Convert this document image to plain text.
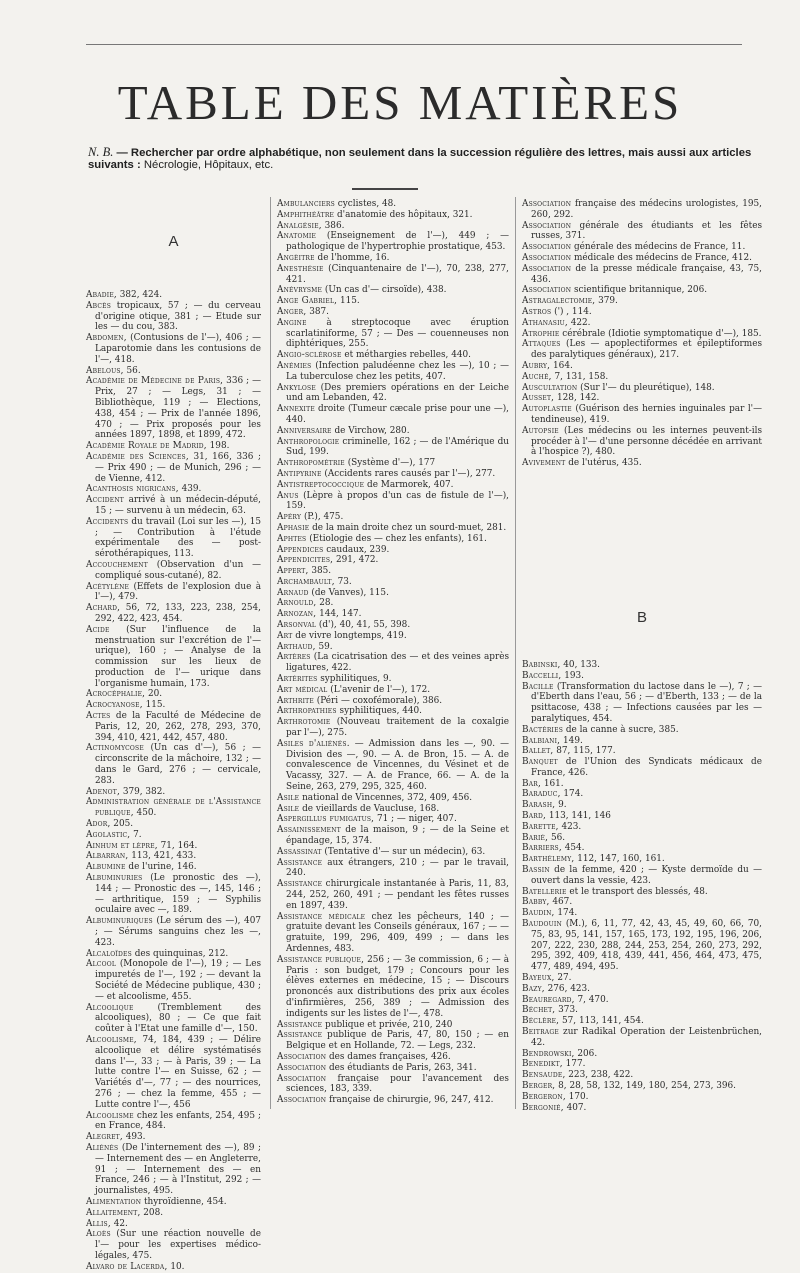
TABLE DES MATIÈRES
N. B. — Rechercher par ordre alphabétique, non seulement dans la succession régulière des lettres, mais aussi aux articles suivants : Nécrologie, Hôpitaux, etc.

A

Abadie, 382, 424.

Abcès tropicaux, 57 ; — du cerveau d'origine otique, 381 ; — Etude sur les — du cou, 383.

Abdomen, (Contusions de l'—), 406 ; — Laparotomie dans les contusions de l'—, 418.

Abelous, 56.

Académie de Médecine de Paris, 336 ; — Prix, 27 ; — Legs, 31 ; — Bibliothèque, 119 ; — Elections, 438, 454 ; — Prix de l'année 1896, 470 ; — Prix proposés pour les années 1897, 1898, et 1899, 472.

Académie Royale de Madrid, 198.

Académie des Sciences, 31, 166, 336 ; — Prix 490 ; — de Munich, 296 ; — de Vienne, 412.

Acanthosis nigricans, 439.

Accident arrivé à un médecin-député, 15 ; — survenu à un médecin, 63.

Accidents du travail (Loi sur les —), 15 ; — Contribution à l'étude expérimentale des — post-sérothérapiques, 113.

Accouchement (Observation d'un — compliqué sous-cutané), 82.

Acétylène (Effets de l'explosion due à l'—), 479.

Achard, 56, 72, 133, 223, 238, 254, 292, 422, 423, 454.

Acide (Sur l'influence de la menstruation sur l'excrétion de l'— urique), 160 ; — Analyse de la commission sur les lieux de production de l'— urique dans l'organisme humain, 173.

Acrocéphalie, 20.

Acrocyanose, 115.

Actes de la Faculté de Médecine de Paris, 12, 20, 262, 278, 293, 370, 394, 410, 421, 442, 457, 480.

Actinomycose (Un cas d'—), 56 ; — circonscrite de la mâchoire, 132 ; — dans le Gard, 276 ; — cervicale, 283.

Adenot, 379, 382.

Administration générale de l'Assistance publique, 450.

Ador, 205.

Agolastic, 7.

Ainhum et lèpre, 71, 164.

Albarran, 113, 421, 433.

Albumine de l'urine, 146.

Albuminuries (Le pronostic des —), 144 ; — Pronostic des —, 145, 146 ; — arthritique, 159 ; — Syphilis oculaire avec —, 189.

Albuminuriques (Le sérum des —), 407 ; — Sérums sanguins chez les —, 423.

Alcaloïdes des quinquinas, 212.

Alcool (Monopole de l'—), 19 ; — Les impuretés de l'—, 192 ; — devant la Société de Médecine publique, 430 ; — et alcoolisme, 455.

Alcoolique (Tremblement des alcooliques), 80 ; — Ce que fait coûter à l'Etat une famille d'—, 150.

Alcoolisme, 74, 184, 439 ; — Délire alcoolique et délire systématisés dans l'—, 33 ; — à Paris, 39 ; — La lutte contre l'— en Suisse, 62 ; — Variétés d'—, 77 ; — des nourrices, 276 ; — chez la femme, 455 ; — Lutte contre l'—, 456

Alcoolisme chez les enfants, 254, 495 ; en France, 484.

Alegret, 493.

Aliénés (De l'internement des —), 89 ; — Internement des — en Angleterre, 91 ; — Internement des — en France, 246 ; — à l'Institut, 292 ; — journalistes, 495.

Alimentation thyroïdienne, 454.

Allaitement, 208.

Allis, 42.

Aloès (Sur une réaction nouvelle de l'— pour les expertises médico-légales, 475.

Alvaro de Lacerda, 10.

Ambulanciers cyclistes, 48.

Amphithéâtre d'anatomie des hôpitaux, 321.

Analgésie, 386.

Anatomie (Enseignement de l'—), 449 ; — pathologique de l'hypertrophie prostatique, 453.

Angèitre de l'homme, 16.

Anesthésie (Cinquantenaire de l'—), 70, 238, 277, 421.

Anévrysme (Un cas d'— cirsoïde), 438.

Ange Gabriel, 115.

Anger, 387.

Angine à streptocoque avec éruption scarlatiniforme, 57 ; — Des — couenneuses non diphtériques, 255.

Angio-sclérose et méthargies rebelles, 440.

Anémies (Infection paludéenne chez les —), 10 ; — La tuberculose chez les petits, 407.

Ankylose (Des premiers opérations en der Leiche und am Lebanden, 42.

Annexite droite (Tumeur cæcale prise pour une —), 440.

Anniversaire de Virchow, 280.

Anthropologie criminelle, 162 ; — de l'Amérique du Sud, 199.

Anthropométrie (Système d'—), 177

Antipyrine (Accidents rares causés par l'—), 277.

Antistreptococcique de Marmorek, 407.

Anus (Lèpre à propos d'un cas de fistule de l'—), 159.

Apéry (P.), 475.

Aphasie de la main droite chez un sourd-muet, 281.

Aphtes (Etiologie des — chez les enfants), 161.

Appendices caudaux, 239.

Appendicites, 291, 472.

Appert, 385.

Archambault, 73.

Arnaud (de Vanves), 115.

Arnould, 28.

Arnozan, 144, 147.

Arsonval (d'), 40, 41, 55, 398.

Art de vivre longtemps, 419.

Arthaud, 59.

Artères (La cicatrisation des — et des veines après ligatures, 422.

Artérites syphilitiques, 9.

Art médical (L'avenir de l'—), 172.

Arthrite (Péri — coxofémorale), 386.

Arthropathies syphilitiques, 440.

Arthrotomie (Nouveau traitement de la coxalgie par l'—), 275.

Asiles d'aliénés. — Admission dans les —, 90. — Division des —, 90. — A. de Bron, 15. — A. de convalescence de Vincennes, du Vésinet et de Vacassy, 327. — A. de France, 66. — A. de la Seine, 263, 279, 295, 325, 460.

Asile national de Vincennes, 372, 409, 456.

Asile de vieillards de Vaucluse, 168.

Aspergillus fumigatus, 71 ; — niger, 407.

Assainissement de la maison, 9 ; — de la Seine et épandage, 15, 374.

Assassinat (Tentative d'— sur un médecin), 63.

Assistance aux étrangers, 210 ; — par le travail, 240.

Assistance chirurgicale instantanée à Paris, 11, 83, 244, 252, 260, 491 ; — pendant les fêtes russes en 1897, 439.

Assistance médicale chez les pêcheurs, 140 ; — gratuite devant les Conseils généraux, 167 ; — — gratuite, 199, 296, 409, 499 ; — dans les Ardennes, 483.

Assistance publique, 256 ; — 3e commission, 6 ; — à Paris : son budget, 179 ; Concours pour les élèves externes en médecine, 15 ; — Discours prononcés aux distributions des prix aux écoles d'infirmières, 256, 389 ; — Admission des indigents sur les listes de l'—, 478.

Assistance publique et privée, 210, 240

Assistance publique de Paris, 47, 80, 150 ; — en Belgique et en Hollande, 72. — Legs, 232.

Association des dames françaises, 426.

Association des étudiants de Paris, 263, 341.

Association française pour l'avancement des sciences, 183, 339.

Association française de chirurgie, 96, 247, 412.

Association française des médecins urologistes, 195, 260, 292.

Association générale des étudiants et les fêtes russes, 371.

Association générale des médecins de France, 11.

Association médicale des médecins de France, 412.

Association de la presse médicale française, 43, 75, 436.

Association scientifique britannique, 206.

Astragalectomie, 379.

Astros (') , 114.

Athanasiu, 422.

Atrophie cérébrale (Idiotie symptomatique d'—), 185.

Attaques (Les — apoplectiformes et épileptiformes des paralytiques généraux), 217.

Aubry, 164.

Auché, 7, 131, 158.

Auscultation (Sur l'— du pleurétique), 148.

Ausset, 128, 142.

Autoplastie (Guérison des hernies inguinales par l'— tendineuse), 419.

Autopsie (Les médecins ou les internes peuvent-ils procéder à l'— d'une personne décédée en arrivant à l'hospice ?), 480.

Avivement de l'utérus, 435.

B

Babinski, 40, 133.

Baccelli, 193.

Bacille (Transformation du lactose dans le —), 7 ; — d'Eberth dans l'eau, 56 ; — d'Eberth, 133 ; — de la psittacose, 438 ; — Infections causées par les — paralytiques, 454.

Bactéries de la canne à sucre, 385.

Balbiani, 149.

Ballet, 87, 115, 177.

Banquet de l'Union des Syndicats médicaux de France, 426.

Bar, 161.

Baraduc, 174.

Barash, 9.

Bard, 113, 141, 146

Barette, 423.

Barié, 56.

Barriers, 454.

Barthélemy, 112, 147, 160, 161.

Bassin de la femme, 420 ; — Kyste dermoïde du — ouvert dans la vessie, 423.

Batellerie et le transport des blessés, 48.

Babby, 467.

Baudin, 174.

Baudouin (M.), 6, 11, 77, 42, 43, 45, 49, 60, 66, 70, 75, 83, 95, 141, 157, 165, 173, 192, 195, 196, 206, 207, 222, 230, 288, 244, 253, 254, 260, 273, 292, 295, 392, 409, 418, 439, 441, 456, 464, 473, 475, 477, 489, 494, 495.

Bayeux, 27.

Bazy, 276, 423.

Beauregard, 7, 470.

Béchet, 373.

Béclère, 57, 113, 141, 454.

Beitrage zur Radikal Operation der Leistenbrüchen, 42.

Bendrowski, 206.

Benedikt, 177.

Bensaude, 223, 238, 422.

Berger, 8, 28, 58, 132, 149, 180, 254, 273, 396.

Bergeron, 170.

Bergonié, 407.
